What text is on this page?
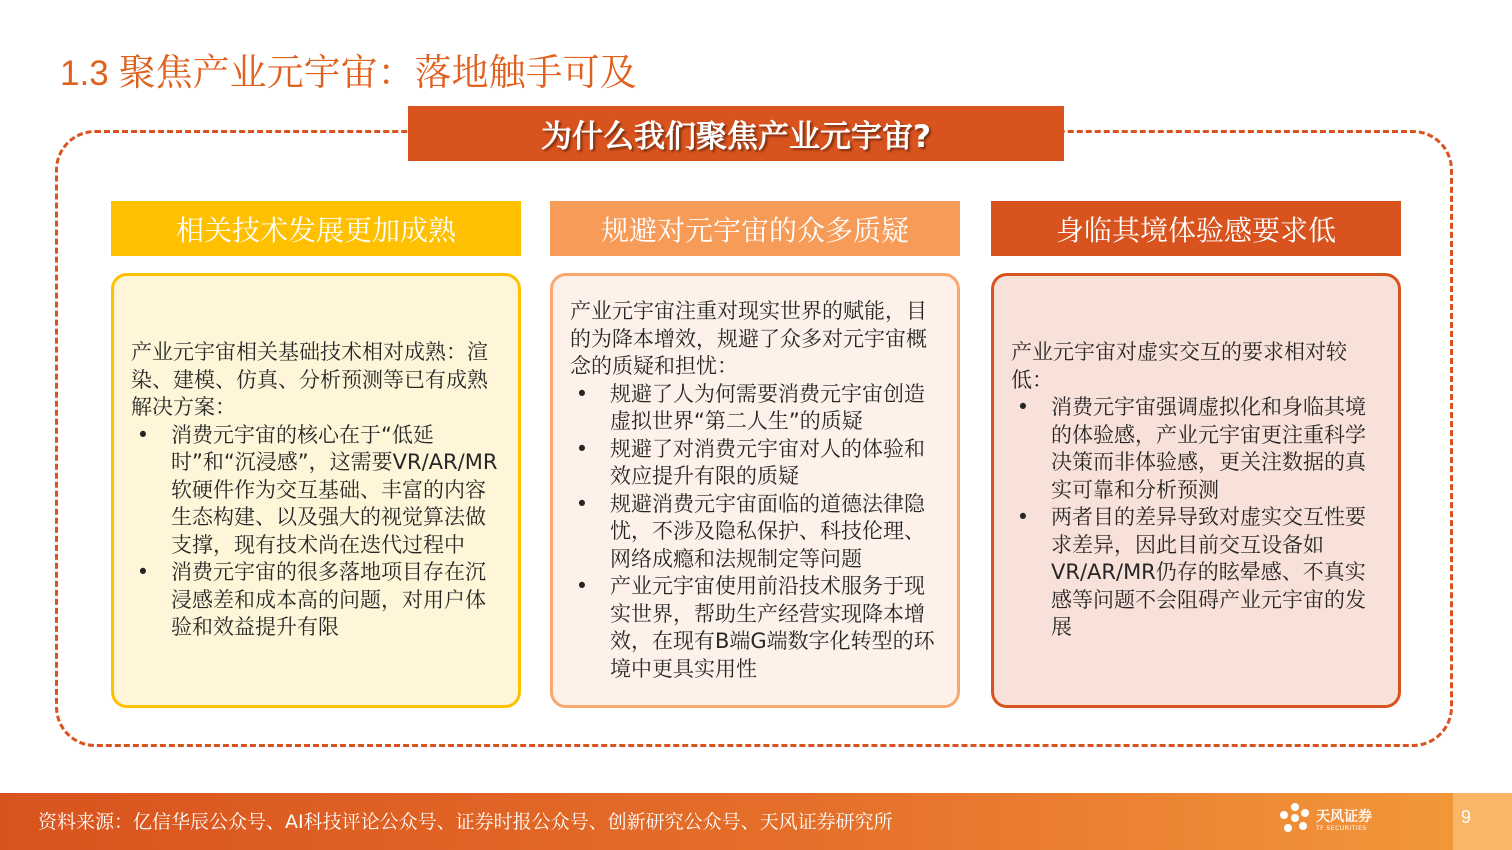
1.3 聚焦产业元宇宙：落地触手可及
为什么我们聚焦产业元宇宙?
相关技术发展更加成熟	规避对元宇宙的众多质疑	身临其境体验感要求低

产业元宇宙相关基础技术相对成熟：渲染、建模、仿真、分析预测等已有成熟解决方案：

• 消费元宇宙的核心在于“低延时”和“沉浸感”，这需要VR/AR/MR软硬件作为交互基础、丰富的内容生态构建、以及强大的视觉算法做支撑，现有技术尚在迭代过程中
• 消费元宇宙的很多落地项目存在沉浸感差和成本高的问题，对用户体验和效益提升有限

产业元宇宙注重对现实世界的赋能，目的为降本增效，规避了众多对元宇宙概念的质疑和担忧：

• 规避了人为何需要消费元宇宙创造虚拟世界“第二人生”的质疑
• 规避了对消费元宇宙对人的体验和效应提升有限的质疑
• 规避消费元宇宙面临的道德法律隐忧，不涉及隐私保护、科技伦理、网络成瘾和法规制定等问题
• 产业元宇宙使用前沿技术服务于现实世界，帮助生产经营实现降本增效，在现有B端G端数字化转型的环境中更具实用性

产业元宇宙对虚实交互的要求相对较低：

• 消费元宇宙强调虚拟化和身临其境的体验感，产业元宇宙更注重科学决策而非体验感，更关注数据的真实可靠和分析预测
• 两者目的差异导致对虚实交互性要求差异，因此目前交互设备如VR/AR/MR仍存的眩晕感、不真实感等问题不会阻碍产业元宇宙的发展
资料来源：亿信华辰公众号、AI科技评论公众号、证券时报公众号、创新研究公众号、天风证券研究所	天风证券
TF SECURITIES
9
